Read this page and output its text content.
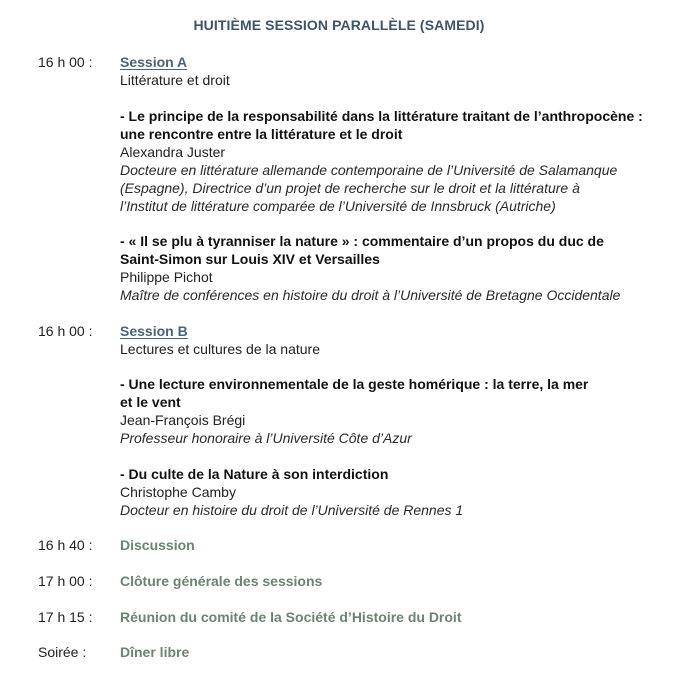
HUITIÈME SESSION PARALLÈLE (SAMEDI)
16 h 00 : Session A
Littérature et droit
- Le principe de la responsabilité dans la littérature traitant de l’anthropocène :
une rencontre entre la littérature et le droit
Alexandra Juster
Docteure en littérature allemande contemporaine de l’Université de Salamanque
(Espagne), Directrice d’un projet de recherche sur le droit et la littérature à
l’Institut de littérature comparée de l’Université de Innsbruck (Autriche)
- « Il se plu à tyranniser la nature » : commentaire d’un propos du duc de
Saint-Simon sur Louis XIV et Versailles
Philippe Pichot
Maître de conférences en histoire du droit à l’Université de Bretagne Occidentale
16 h 00 : Session B
Lectures et cultures de la nature
- Une lecture environnementale de la geste homérique : la terre, la mer
et le vent
Jean-François Brégi
Professeur honoraire à l’Université Côte d’Azur
- Du culte de la Nature à son interdiction
Christophe Camby
Docteur en histoire du droit de l’Université de Rennes 1
16 h 40 : Discussion
17 h 00 : Clôture générale des sessions
17 h 15 : Réunion du comité de la Société d’Histoire du Droit
Soirée : Dîner libre
